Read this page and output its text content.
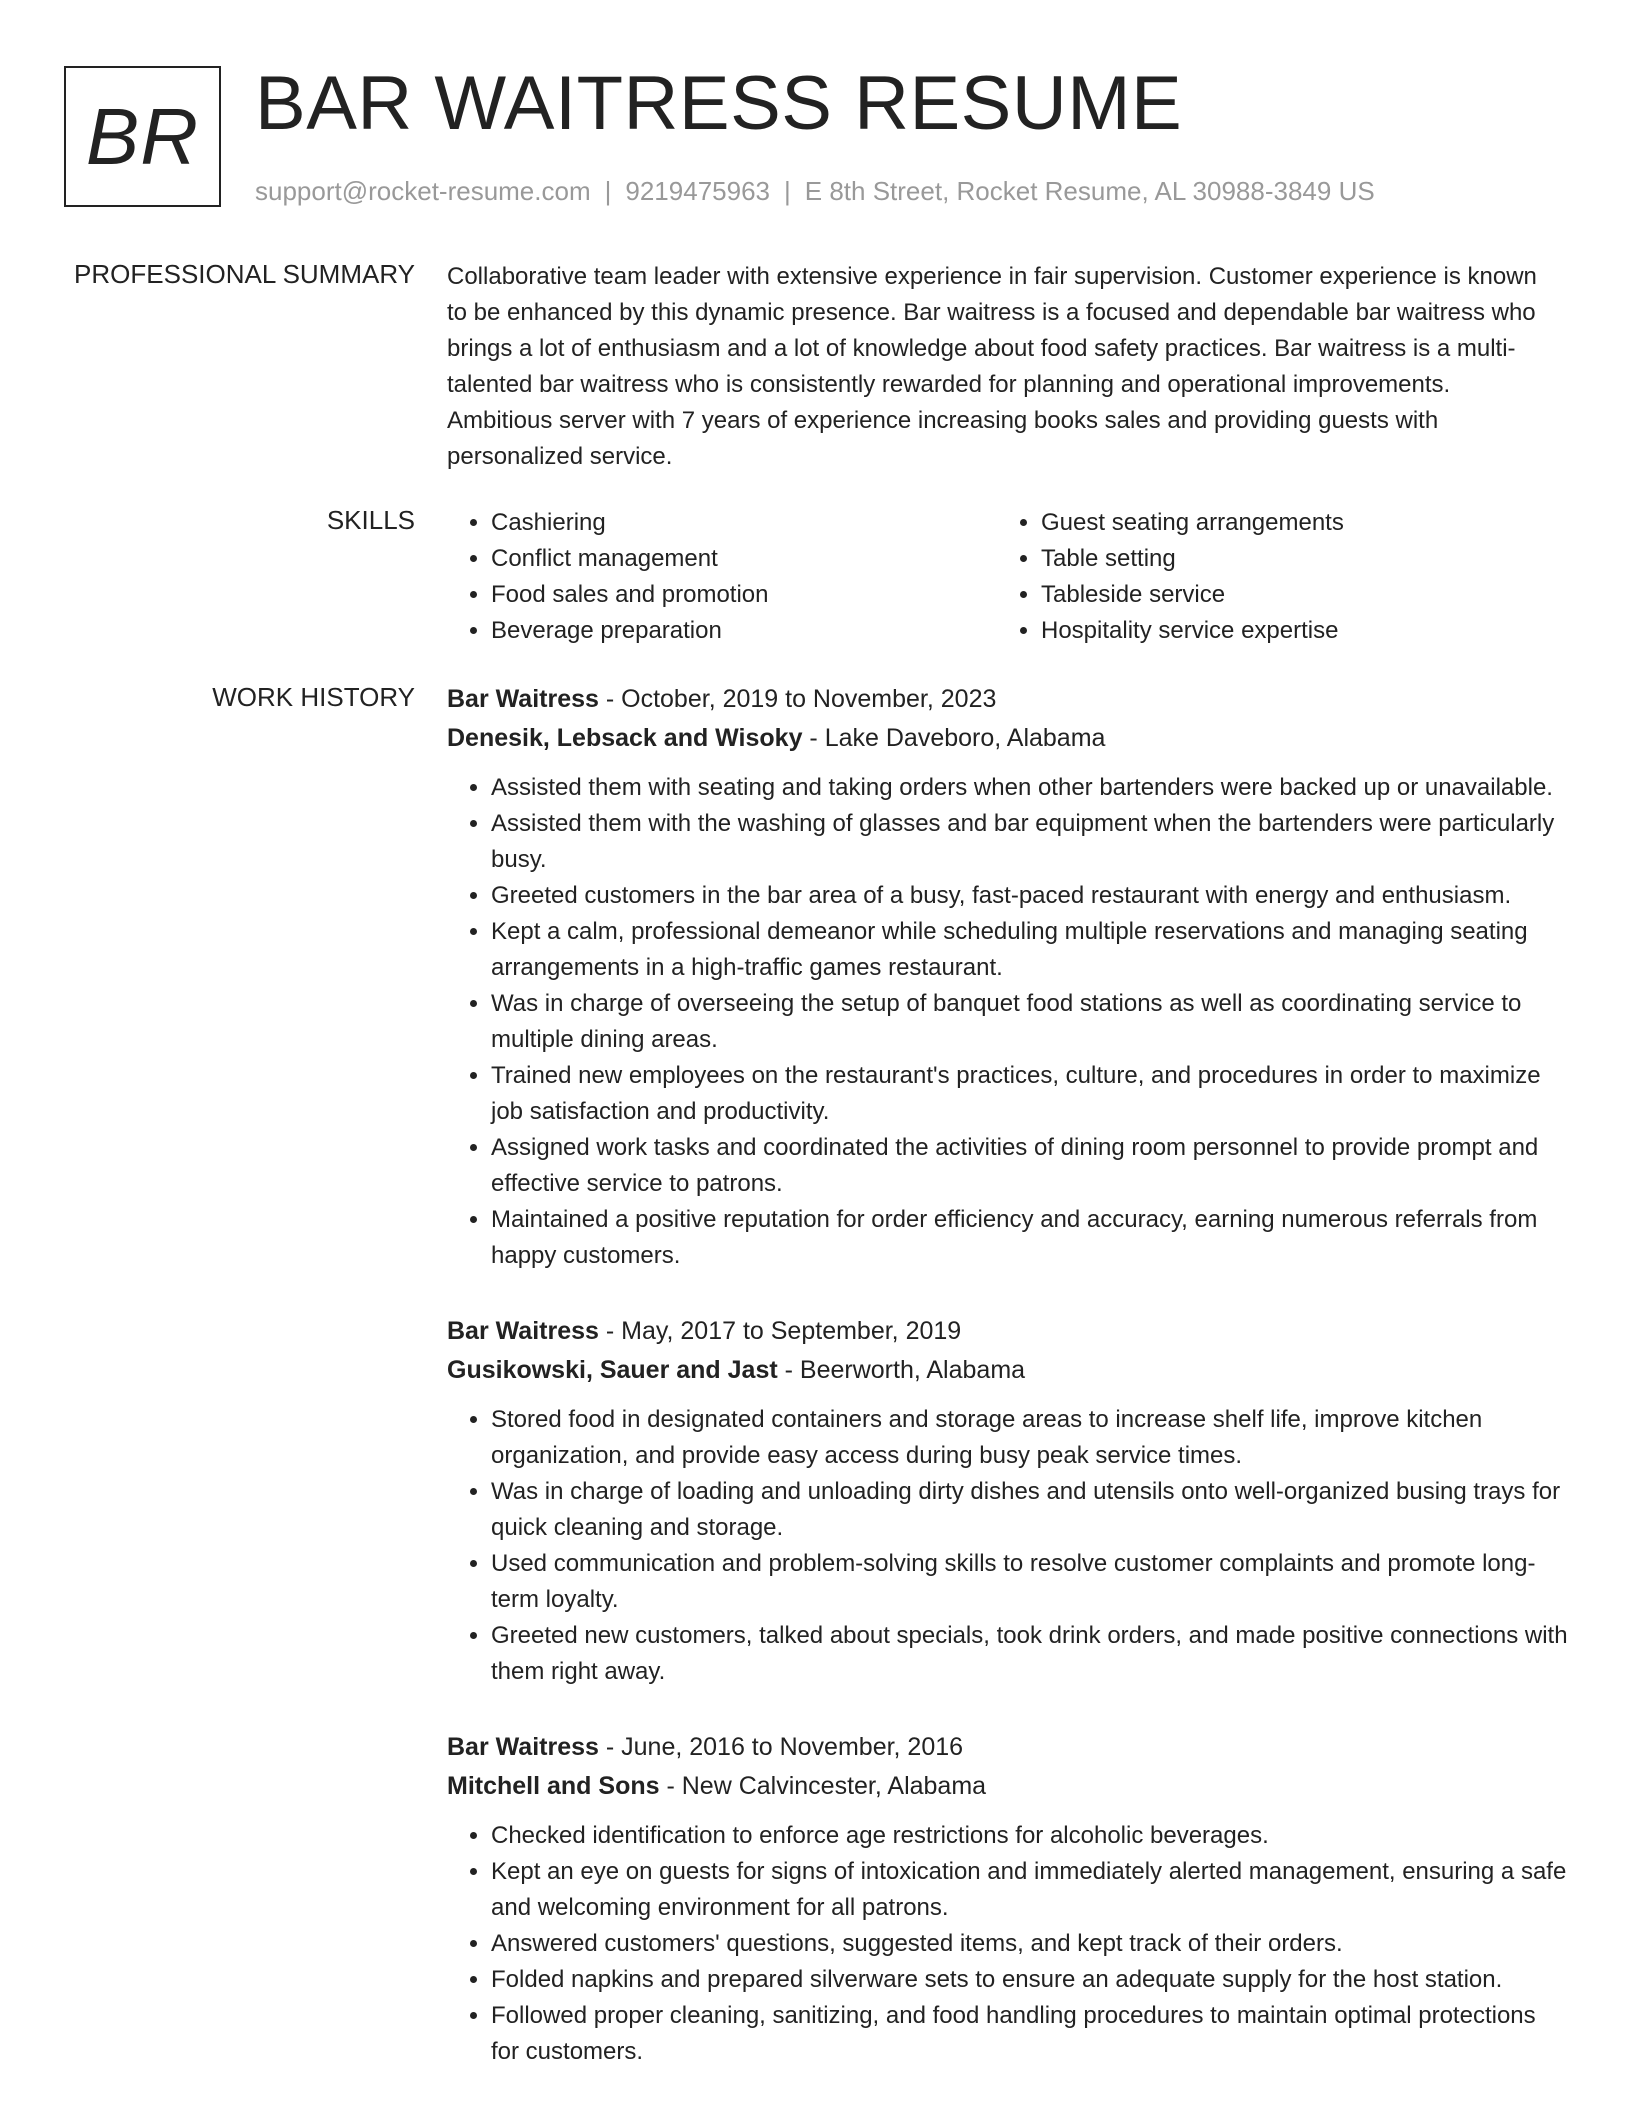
BR BAR WAITRESS RESUME
support@rocket-resume.com | 9219475963 | E 8th Street, Rocket Resume, AL 30988-3849 US
PROFESSIONAL SUMMARY Collaborative team leader with extensive experience in fair supervision. Customer experience is known to be enhanced by this dynamic presence. Bar waitress is a focused and dependable bar waitress who brings a lot of enthusiasm and a lot of knowledge about food safety practices. Bar waitress is a multi-talented bar waitress who is consistently rewarded for planning and operational improvements. Ambitious server with 7 years of experience increasing books sales and providing guests with personalized service.

SKILLS
•	Cashiering
• Conflict management
• Food sales and promotion
• Beverage preparation
• Guest seating arrangements
• Table setting
• Tableside service
• Hospitality service expertise
WORK HISTORY Bar Waitress - October, 2019 to November, 2023
Denesik, Lebsack and Wisoky - Lake Daveboro, Alabama
• Assisted them with seating and taking orders when other bartenders were backed up or unavailable.
• Assisted them with the washing of glasses and bar equipment when the bartenders were particularly busy.
• Greeted customers in the bar area of a busy, fast-paced restaurant with energy and enthusiasm.
• Kept a calm, professional demeanor while scheduling multiple reservations and managing seating arrangements in a high-traffic games restaurant.
• Was in charge of overseeing the setup of banquet food stations as well as coordinating service to multiple dining areas.
• Trained new employees on the restaurant's practices, culture, and procedures in order to maximize job satisfaction and productivity.
• Assigned work tasks and coordinated the activities of dining room personnel to provide prompt and effective service to patrons.
• Maintained a positive reputation for order efficiency and accuracy, earning numerous referrals from happy customers.
Bar Waitress - May, 2017 to September, 2019
Gusikowski, Sauer and Jast - Beerworth, Alabama
• Stored food in designated containers and storage areas to increase shelf life, improve kitchen organization, and provide easy access during busy peak service times.
• Was in charge of loading and unloading dirty dishes and utensils onto well-organized busing trays for quick cleaning and storage.
• Used communication and problem-solving skills to resolve customer complaints and promote long-term loyalty.
• Greeted new customers, talked about specials, took drink orders, and made positive connections with them right away.
Bar Waitress - June, 2016 to November, 2016
Mitchell and Sons - New Calvincester, Alabama
• Checked identification to enforce age restrictions for alcoholic beverages.
• Kept an eye on guests for signs of intoxication and immediately alerted management, ensuring a safe and welcoming environment for all patrons.
• Answered customers' questions, suggested items, and kept track of their orders.
• Folded napkins and prepared silverware sets to ensure an adequate supply for the host station.
• Followed proper cleaning, sanitizing, and food handling procedures to maintain optimal protections for customers.
